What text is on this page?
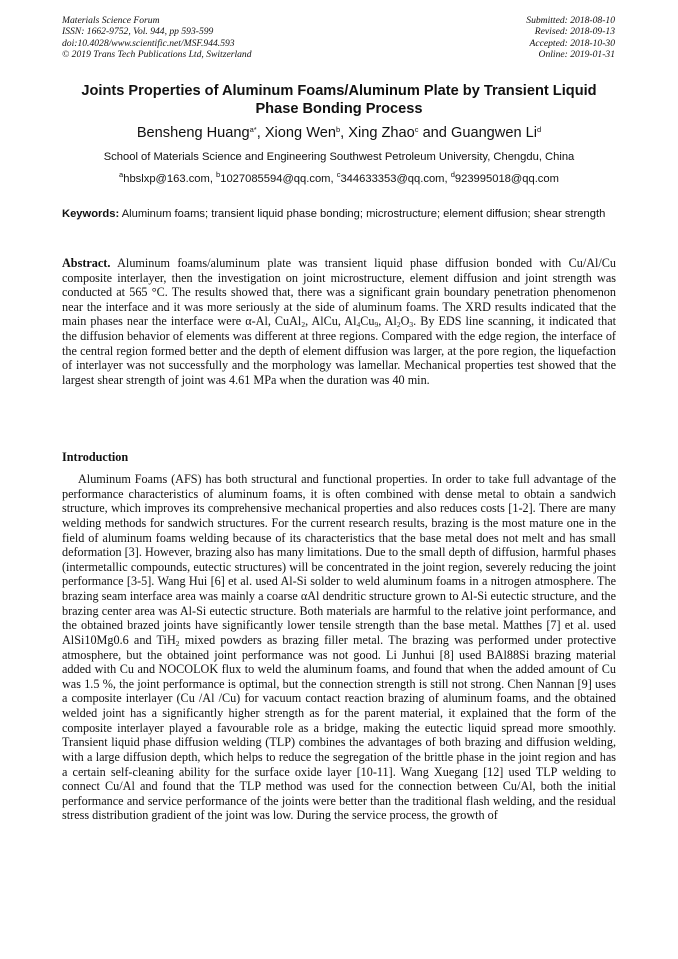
Materials Science Forum
ISSN: 1662-9752, Vol. 944, pp 593-599
doi:10.4028/www.scientific.net/MSF.944.593
© 2019 Trans Tech Publications Ltd, Switzerland
Submitted: 2018-08-10
Revised: 2018-09-13
Accepted: 2018-10-30
Online: 2019-01-31
Joints Properties of Aluminum Foams/Aluminum Plate by Transient Liquid Phase Bonding Process
Bensheng Huang$^{a*}$, Xiong Wen$^b$, Xing Zhao$^c$ and Guangwen Li$^d$
School of Materials Science and Engineering Southwest Petroleum University, Chengdu, China
$^a$hbslxp@163.com, $^b$1027085594@qq.com, $^c$344633353@qq.com, $^d$923995018@qq.com
Keywords: Aluminum foams; transient liquid phase bonding; microstructure; element diffusion; shear strength
Abstract. Aluminum foams/aluminum plate was transient liquid phase diffusion bonded with Cu/Al/Cu composite interlayer, then the investigation on joint microstructure, element diffusion and joint strength was conducted at 565 °C. The results showed that, there was a significant grain boundary penetration phenomenon near the interface and it was more seriously at the side of aluminum foams. The XRD results indicated that the main phases near the interface were α-Al, CuAl$_2$, AlCu, $Al_4Cu_9$, $Al_2O_3$. By EDS line scanning, it indicated that the diffusion behavior of elements was different at three regions. Compared with the edge region, the interface of the central region formed better and the depth of element diffusion was larger, at the pore region, the liquefaction of interlayer was not successfully and the morphology was lamellar. Mechanical properties test showed that the largest shear strength of joint was 4.61 MPa when the duration was 40 min.
Introduction
Aluminum Foams (AFS) has both structural and functional properties. In order to take full advantage of the performance characteristics of aluminum foams, it is often combined with dense metal to obtain a sandwich structure, which improves its comprehensive mechanical properties and also reduces costs [1-2]. There are many welding methods for sandwich structures. For the current research results, brazing is the most mature one in the field of aluminum foams welding because of its characteristics that the base metal does not melt and has small deformation [3]. However, brazing also has many limitations. Due to the small depth of diffusion, harmful phases (intermetallic compounds, eutectic structures) will be concentrated in the joint region, severely reducing the joint performance [3-5]. Wang Hui [6] et al. used Al-Si solder to weld aluminum foams in a nitrogen atmosphere. The brazing seam interface area was mainly a coarse αAl dendritic structure grown to Al-Si eutectic structure, and the brazing center area was Al-Si eutectic structure. Both materials are harmful to the relative joint performance, and the obtained brazed joints have significantly lower tensile strength than the base metal. Matthes [7] et al. used AlSi10Mg0.6 and TiH$_2$ mixed powders as brazing filler metal. The brazing was performed under protective atmosphere, but the obtained joint performance was not good. Li Junhui [8] used BAl88Si brazing material added with Cu and NOCOLOK flux to weld the aluminum foams, and found that when the added amount of Cu was 1.5 %, the joint performance is optimal, but the connection strength is still not strong. Chen Nannan [9] uses a composite interlayer (Cu /Al /Cu) for vacuum contact reaction brazing of aluminum foams, and the obtained welded joint has a significantly higher strength as for the parent material, it explained that the form of the composite interlayer played a favourable role as a bridge, making the eutectic liquid spread more smoothly. Transient liquid phase diffusion welding (TLP) combines the advantages of both brazing and diffusion welding, with a large diffusion depth, which helps to reduce the segregation of the brittle phase in the joint region and has a certain self-cleaning ability for the surface oxide layer [10-11]. Wang Xuegang [12] used TLP welding to connect Cu/Al and found that the TLP method was used for the connection between Cu/Al, both the initial performance and service performance of the joints were better than the traditional flash welding, and the residual stress distribution gradient of the joint was low. During the service process, the growth of
